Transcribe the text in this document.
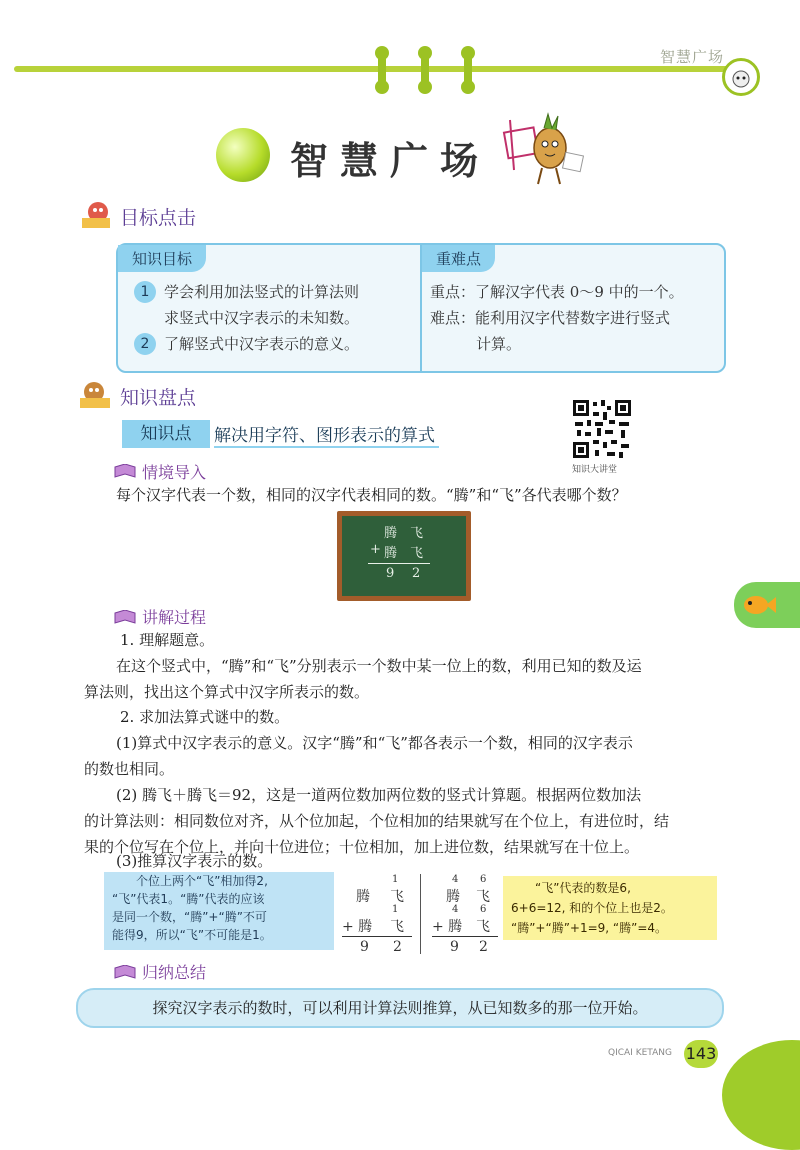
智慧广场
智慧广场
目标点击
知识目标	重难点
1 学会利用加法竖式的计算法则
求竖式中汉字表示的未知数。
2 了解竖式中汉字表示的意义。
重点：了解汉字代表 0～9 中的一个。
难点：能利用汉字代替数字进行竖式
计算。
知识盘点
知识点	解决用字符、图形表示的算式
知识大讲堂
情境导入
每个汉字代表一个数，相同的汉字代表相同的数。“腾”和“飞”各代表哪个数？
腾 飞
+ 腾 飞
9 2
讲解过程
1. 理解题意。
在这个竖式中，“腾”和“飞”分别表示一个数中某一位上的数，利用已知的数及运
算法则，找出这个算式中汉字所表示的数。
2. 求加法算式谜中的数。
(1)算式中汉字表示的意义。汉字“腾”和“飞”都各表示一个数，相同的汉字表示
的数也相同。
(2) 腾飞＋腾飞＝92，这是一道两位数加两位数的竖式计算题。根据两位数加法
的计算法则：相同数位对齐，从个位加起，个位相加的结果就写在个位上，有进位时，结
果的个位写在个位上，并向十位进位；十位相加，加上进位数，结果就写在十位上。
(3)推算汉字表示的数。
个位上两个“飞”相加得2,
“飞”代表1。“腾”代表的应该
是同一个数，“腾”+“腾”不可
能得9，所以“飞”不可能是1。
1
腾 飞
1
+ 腾 飞
9 2
4 6
腾 飞
4 6
+ 腾 飞
9 2
“飞”代表的数是6,
6+6=12, 和的个位上也是2。
“腾”+“腾”+1=9, “腾”=4。
归纳总结
探究汉字表示的数时，可以利用计算法则推算，从已知数多的那一位开始。
QICAI KETANG 143
